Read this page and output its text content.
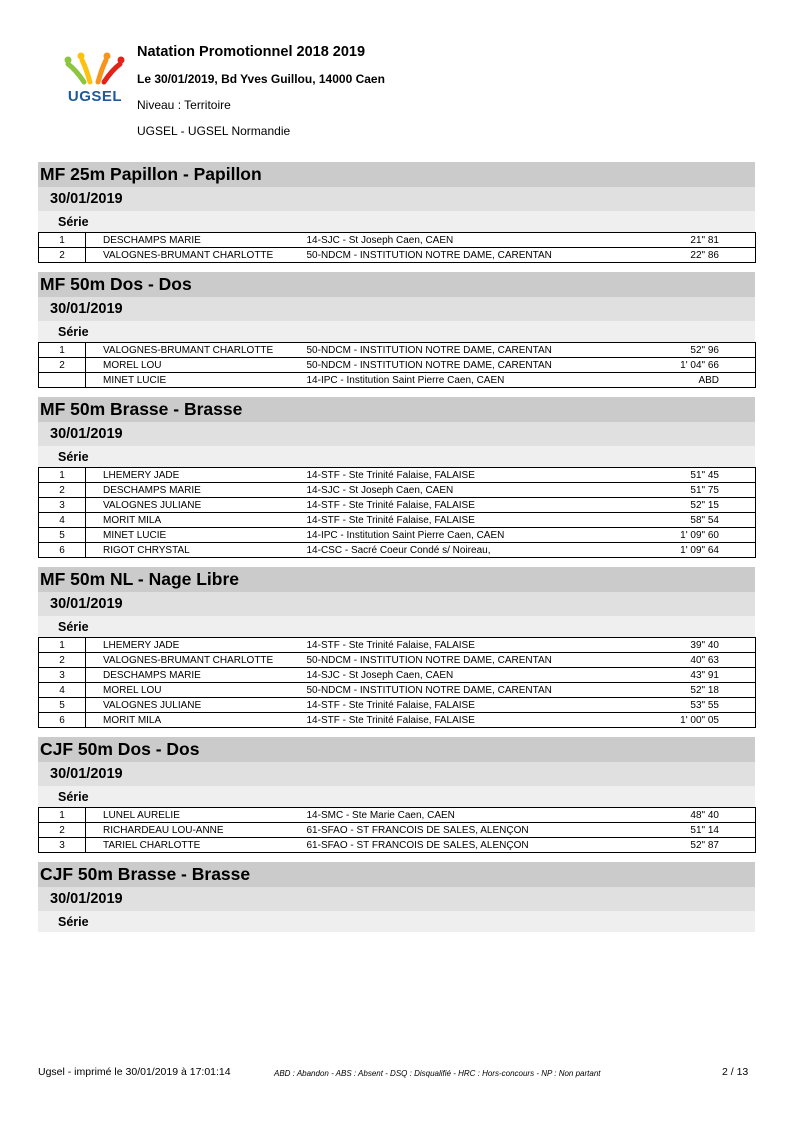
UGSEL
Natation Promotionnel 2018 2019
Le 30/01/2019, Bd Yves Guillou, 14000 Caen
Niveau : Territoire
UGSEL - UGSEL Normandie
MF 25m Papillon - Papillon
30/01/2019
Série
1	DESCHAMPS MARIE	14-SJC - St Joseph Caen, CAEN	21" 81
2	VALOGNES-BRUMANT CHARLOTTE	50-NDCM - INSTITUTION NOTRE DAME, CARENTAN	22" 86
MF 50m Dos - Dos
30/01/2019
Série
1	VALOGNES-BRUMANT CHARLOTTE	50-NDCM - INSTITUTION NOTRE DAME, CARENTAN	52" 96
2	MOREL LOU	50-NDCM - INSTITUTION NOTRE DAME, CARENTAN	1' 04" 66
	MINET LUCIE	14-IPC - Institution Saint Pierre Caen, CAEN	ABD
MF 50m Brasse - Brasse
30/01/2019
Série
1	LHEMERY JADE	14-STF - Ste Trinité Falaise, FALAISE	51" 45
2	DESCHAMPS MARIE	14-SJC - St Joseph Caen, CAEN	51" 75
3	VALOGNES JULIANE	14-STF - Ste Trinité Falaise, FALAISE	52" 15
4	MORIT MILA	14-STF - Ste Trinité Falaise, FALAISE	58" 54
5	MINET LUCIE	14-IPC - Institution Saint Pierre Caen, CAEN	1' 09" 60
6	RIGOT CHRYSTAL	14-CSC - Sacré Coeur Condé s/ Noireau,	1' 09" 64
MF 50m NL - Nage Libre
30/01/2019
Série
1	LHEMERY JADE	14-STF - Ste Trinité Falaise, FALAISE	39" 40
2	VALOGNES-BRUMANT CHARLOTTE	50-NDCM - INSTITUTION NOTRE DAME, CARENTAN	40" 63
3	DESCHAMPS MARIE	14-SJC - St Joseph Caen, CAEN	43" 91
4	MOREL LOU	50-NDCM - INSTITUTION NOTRE DAME, CARENTAN	52" 18
5	VALOGNES JULIANE	14-STF - Ste Trinité Falaise, FALAISE	53" 55
6	MORIT MILA	14-STF - Ste Trinité Falaise, FALAISE	1' 00" 05
CJF 50m Dos - Dos
30/01/2019
Série
1	LUNEL AURELIE	14-SMC - Ste Marie Caen, CAEN	48" 40
2	RICHARDEAU LOU-ANNE	61-SFAO - ST FRANCOIS DE SALES, ALENÇON	51" 14
3	TARIEL CHARLOTTE	61-SFAO - ST FRANCOIS DE SALES, ALENÇON	52" 87
CJF 50m Brasse - Brasse
30/01/2019
Série
Ugsel - imprimé le 30/01/2019 à 17:01:14	ABD : Abandon - ABS : Absent - DSQ : Disqualifié - HRC : Hors-concours - NP : Non partant	2 / 13
